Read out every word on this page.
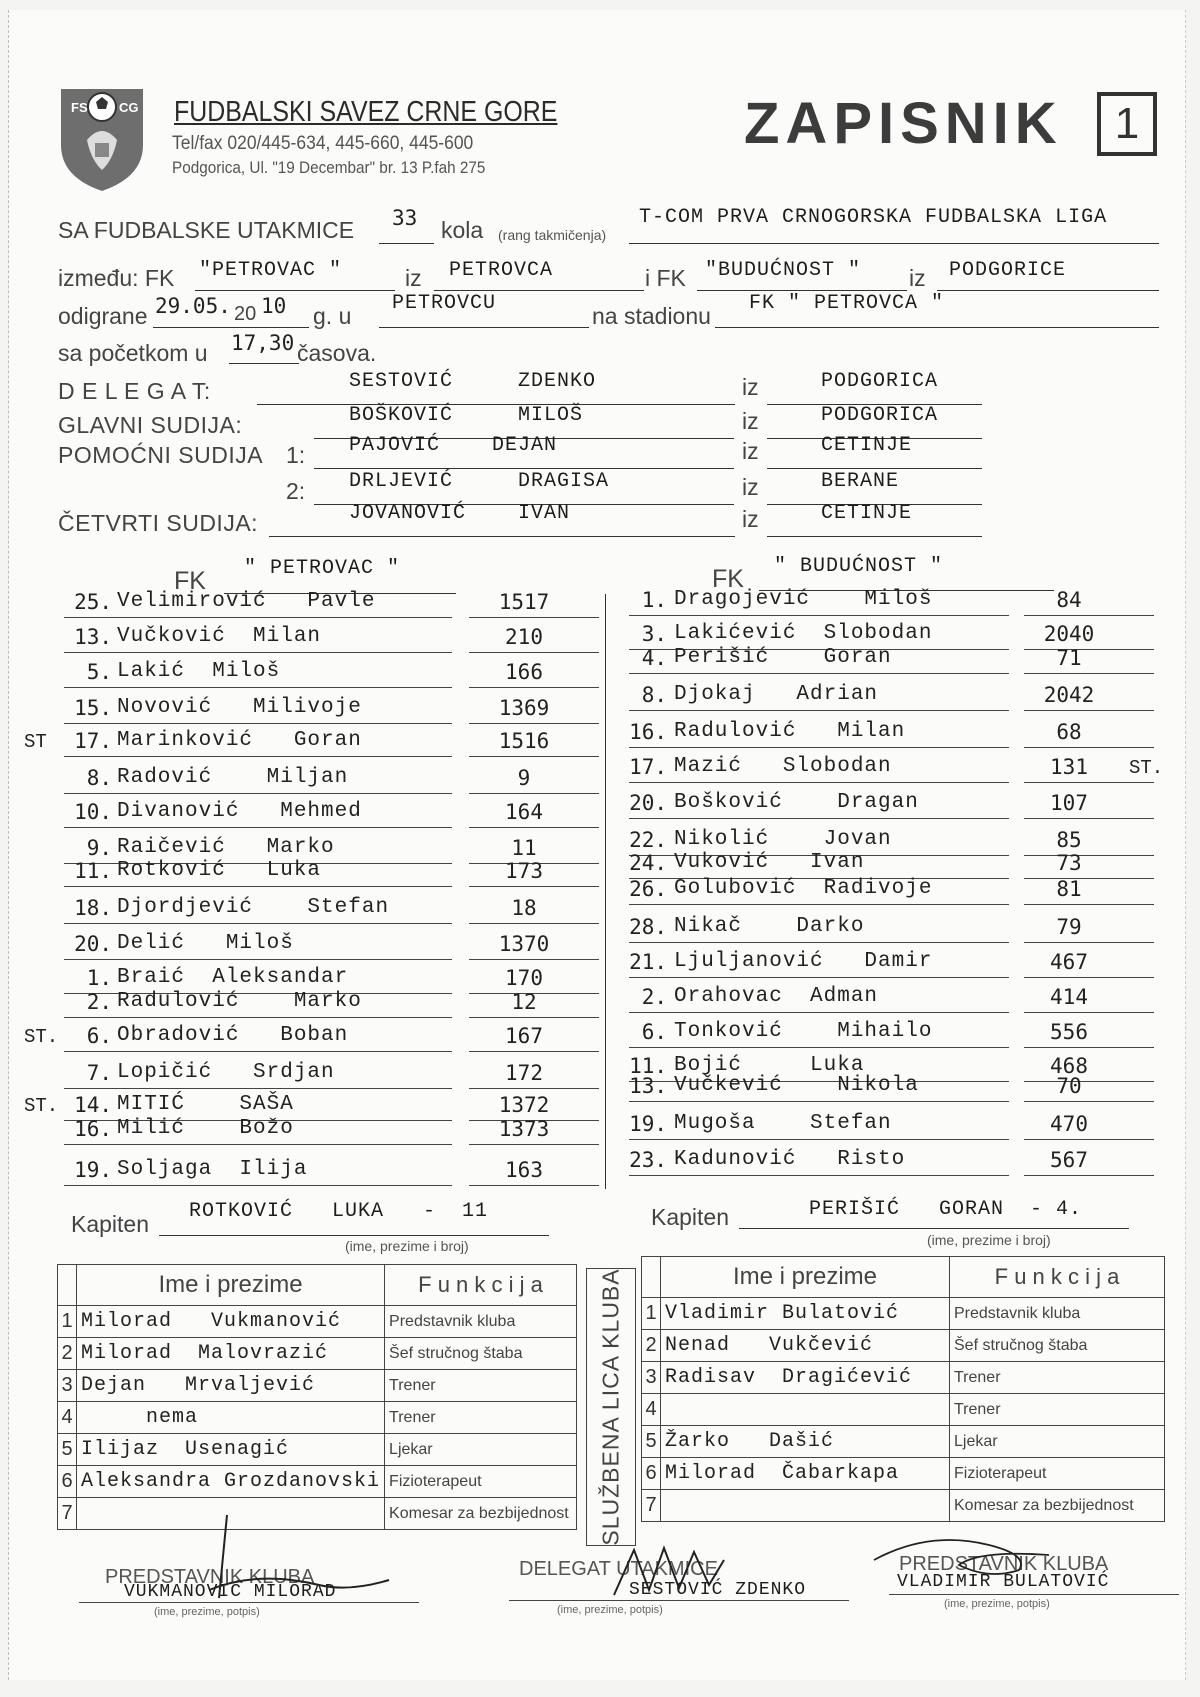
FS CG FUDBALSKI SAVEZ CRNE GORE
Tel/fax 020/445-634, 445-660, 445-600
Podgorica, Ul. "19 Decembar" br. 13 P.fah 275
ZAPISNIK	1
SA FUDBALSKE UTAKMICE 33 kola (rang takmičenja)
T-COM PRVA CRNOGORSKA FUDBALSKA LIGA
između: FK "PETROVAC "	iz PETROVCA	i FK "BUDUĆNOST " iz PODGORICE
odigrane 29.05. 20 10 g. u PETROVCU	na stadionu FK " PETROVCA "
sa početkom u 17,30 časova.
D E L E G A T:	SESTOVIĆ     ZDENKO	iz	PODGORICA
GLAVNI SUDIJA:	BOŠKOVIĆ     MILOŠ	iz	PODGORICA
POMOĆNI SUDIJA 1: PAJOVIĆ    DEJAN	iz	CETINJE
2: DRLJEVIĆ     DRAGISA	iz	BERANE
ČETVRTI SUDIJA:	JOVANOVIĆ    IVAN	iz	CETINJE
FK " PETROVAC "	FK " BUDUĆNOST "
25. Velimirović   Pavle	1517
13. Vučković  Milan	210
5. Lakić  Miloš	166
15. Novović   Milivoje	1369
ST	17. Marinković   Goran	1516
8. Radović    Miljan	9
10. Divanović   Mehmed	164
9. Raičević   Marko	11
11. Rotković   Luka	173
18. Djordjević    Stefan	18
20. Delić   Miloš	1370
1. Braić  Aleksandar	170
2. Radulović    Marko	12
ST.	6. Obradović   Boban	167
7. Lopičić   Srdjan	172
ST. 14. MITIĆ    SAŠA	1372
16. Milić    Božo	1373
19. Soljaga  Ilija	163
1. Dragojević    Miloš	84
3. Lakićević  Slobodan	2040
4. Perišić    Goran	71
8. Djokaj   Adrian	2042
16. Radulović   Milan	68
17. Mazić   Slobodan	131	ST.
20. Bošković    Dragan	107
22. Nikolić    Jovan	85
24. Vuković   Ivan	73
26. Golubović  Radivoje	81
28. Nikač    Darko	79
21. Ljuljanović   Damir	467
2. Orahovac  Adman	414
6. Tonković    Mihailo	556
11. Bojić     Luka	468
13. Vučkević    Nikola	70
19. Mugoša    Stefan	470
23. Kadunović   Risto	567
Kapiten ROTKOVIĆ   LUKA   -  11
(ime, prezime i broj)
Kapiten	PERIŠIĆ   GORAN  - 4.
(ime, prezime i broj)
	Ime i prezime	F u n k c i j a
1	Milorad   Vukmanović	Predstavnik kluba
2	Milorad  Malovrazić	Šef stručnog štaba
3	Dejan   Mrvaljević	Trener
4	nema	Trener
5	Ilijaz  Usenagić	Ljekar
6	Aleksandra Grozdanovski	Fizioterapeut
7		Komesar za bezbijednost SLUŽBENA LICA KLUBA
		Ime i prezime	F u n k c i j a
1	Vladimir Bulatović	Predstavnik kluba
2	Nenad   Vukčević	Šef stručnog štaba
3	Radisav  Dragićević	Trener
4		Trener
5	Žarko   Dašić	Ljekar
6	Milorad  Čabarkapa	Fizioterapeut
7		Komesar za bezbijednost
PREDSTAVNIK KLUBA
VUKMANOVIĆ MILORAD
(ime, prezime, potpis)
DELEGAT UTAKMICE
SESTOVIĆ ZDENKO
(ime, prezime, potpis)
PREDSTAVNIK KLUBA
VLADIMIR BULATOVIĆ
(ime, prezime, potpis)
